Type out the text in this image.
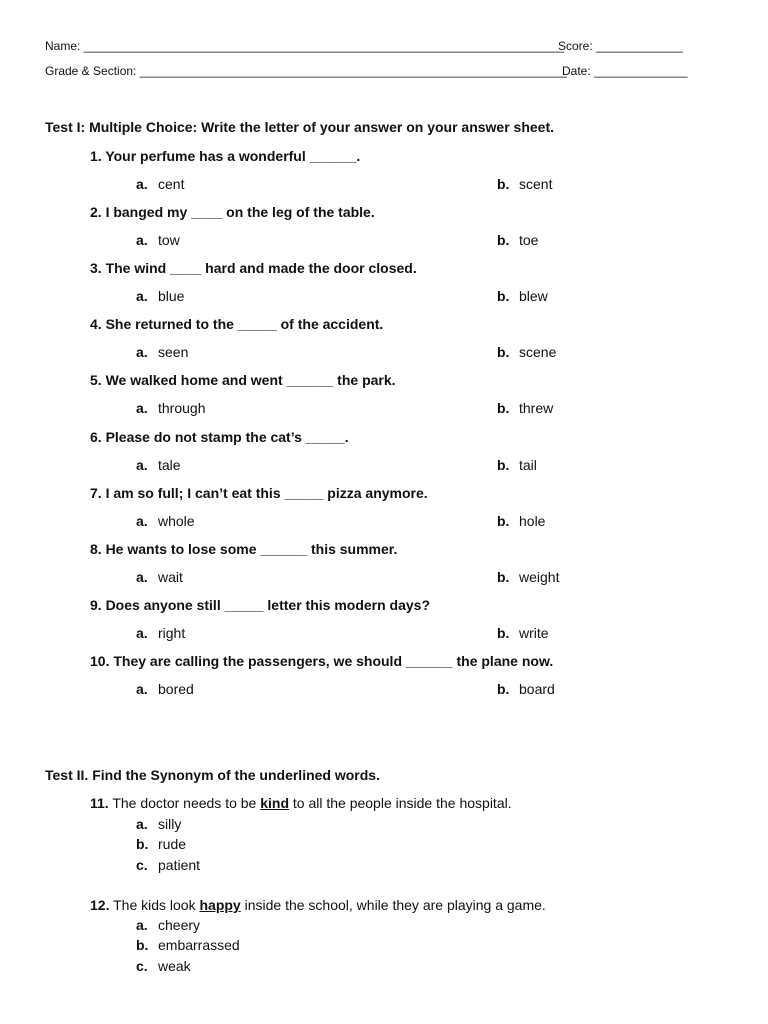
Name: ________________________________________________________________________
Score: _____________
Grade & Section: ________________________________________________________________
Date: ______________
Test I: Multiple Choice: Write the letter of your answer on your answer sheet.
1. Your perfume has a wonderful ______.
a. cent	b. scent
2. I banged my ____ on the leg of the table.
a. tow	b. toe
3. The wind ____ hard and made the door closed.
a. blue	b. blew
4. She returned to the _____ of the accident.
a. seen	b. scene
5. We walked home and went ______ the park.
a. through	b. threw
6. Please do not stamp the cat’s _____.
a. tale	b. tail
7. I am so full; I can’t eat this _____ pizza anymore.
a. whole	b. hole
8. He wants to lose some ______ this summer.
a. wait	b. weight
9. Does anyone still _____ letter this modern days?
a. right	b. write
10. They are calling the passengers, we should ______ the plane now.
a. bored	b. board
Test II. Find the Synonym of the underlined words.
11. The doctor needs to be kind to all the people inside the hospital.
a. silly
b. rude
c. patient
12. The kids look happy inside the school, while they are playing a game.
a. cheery
b. embarrassed
c. weak
